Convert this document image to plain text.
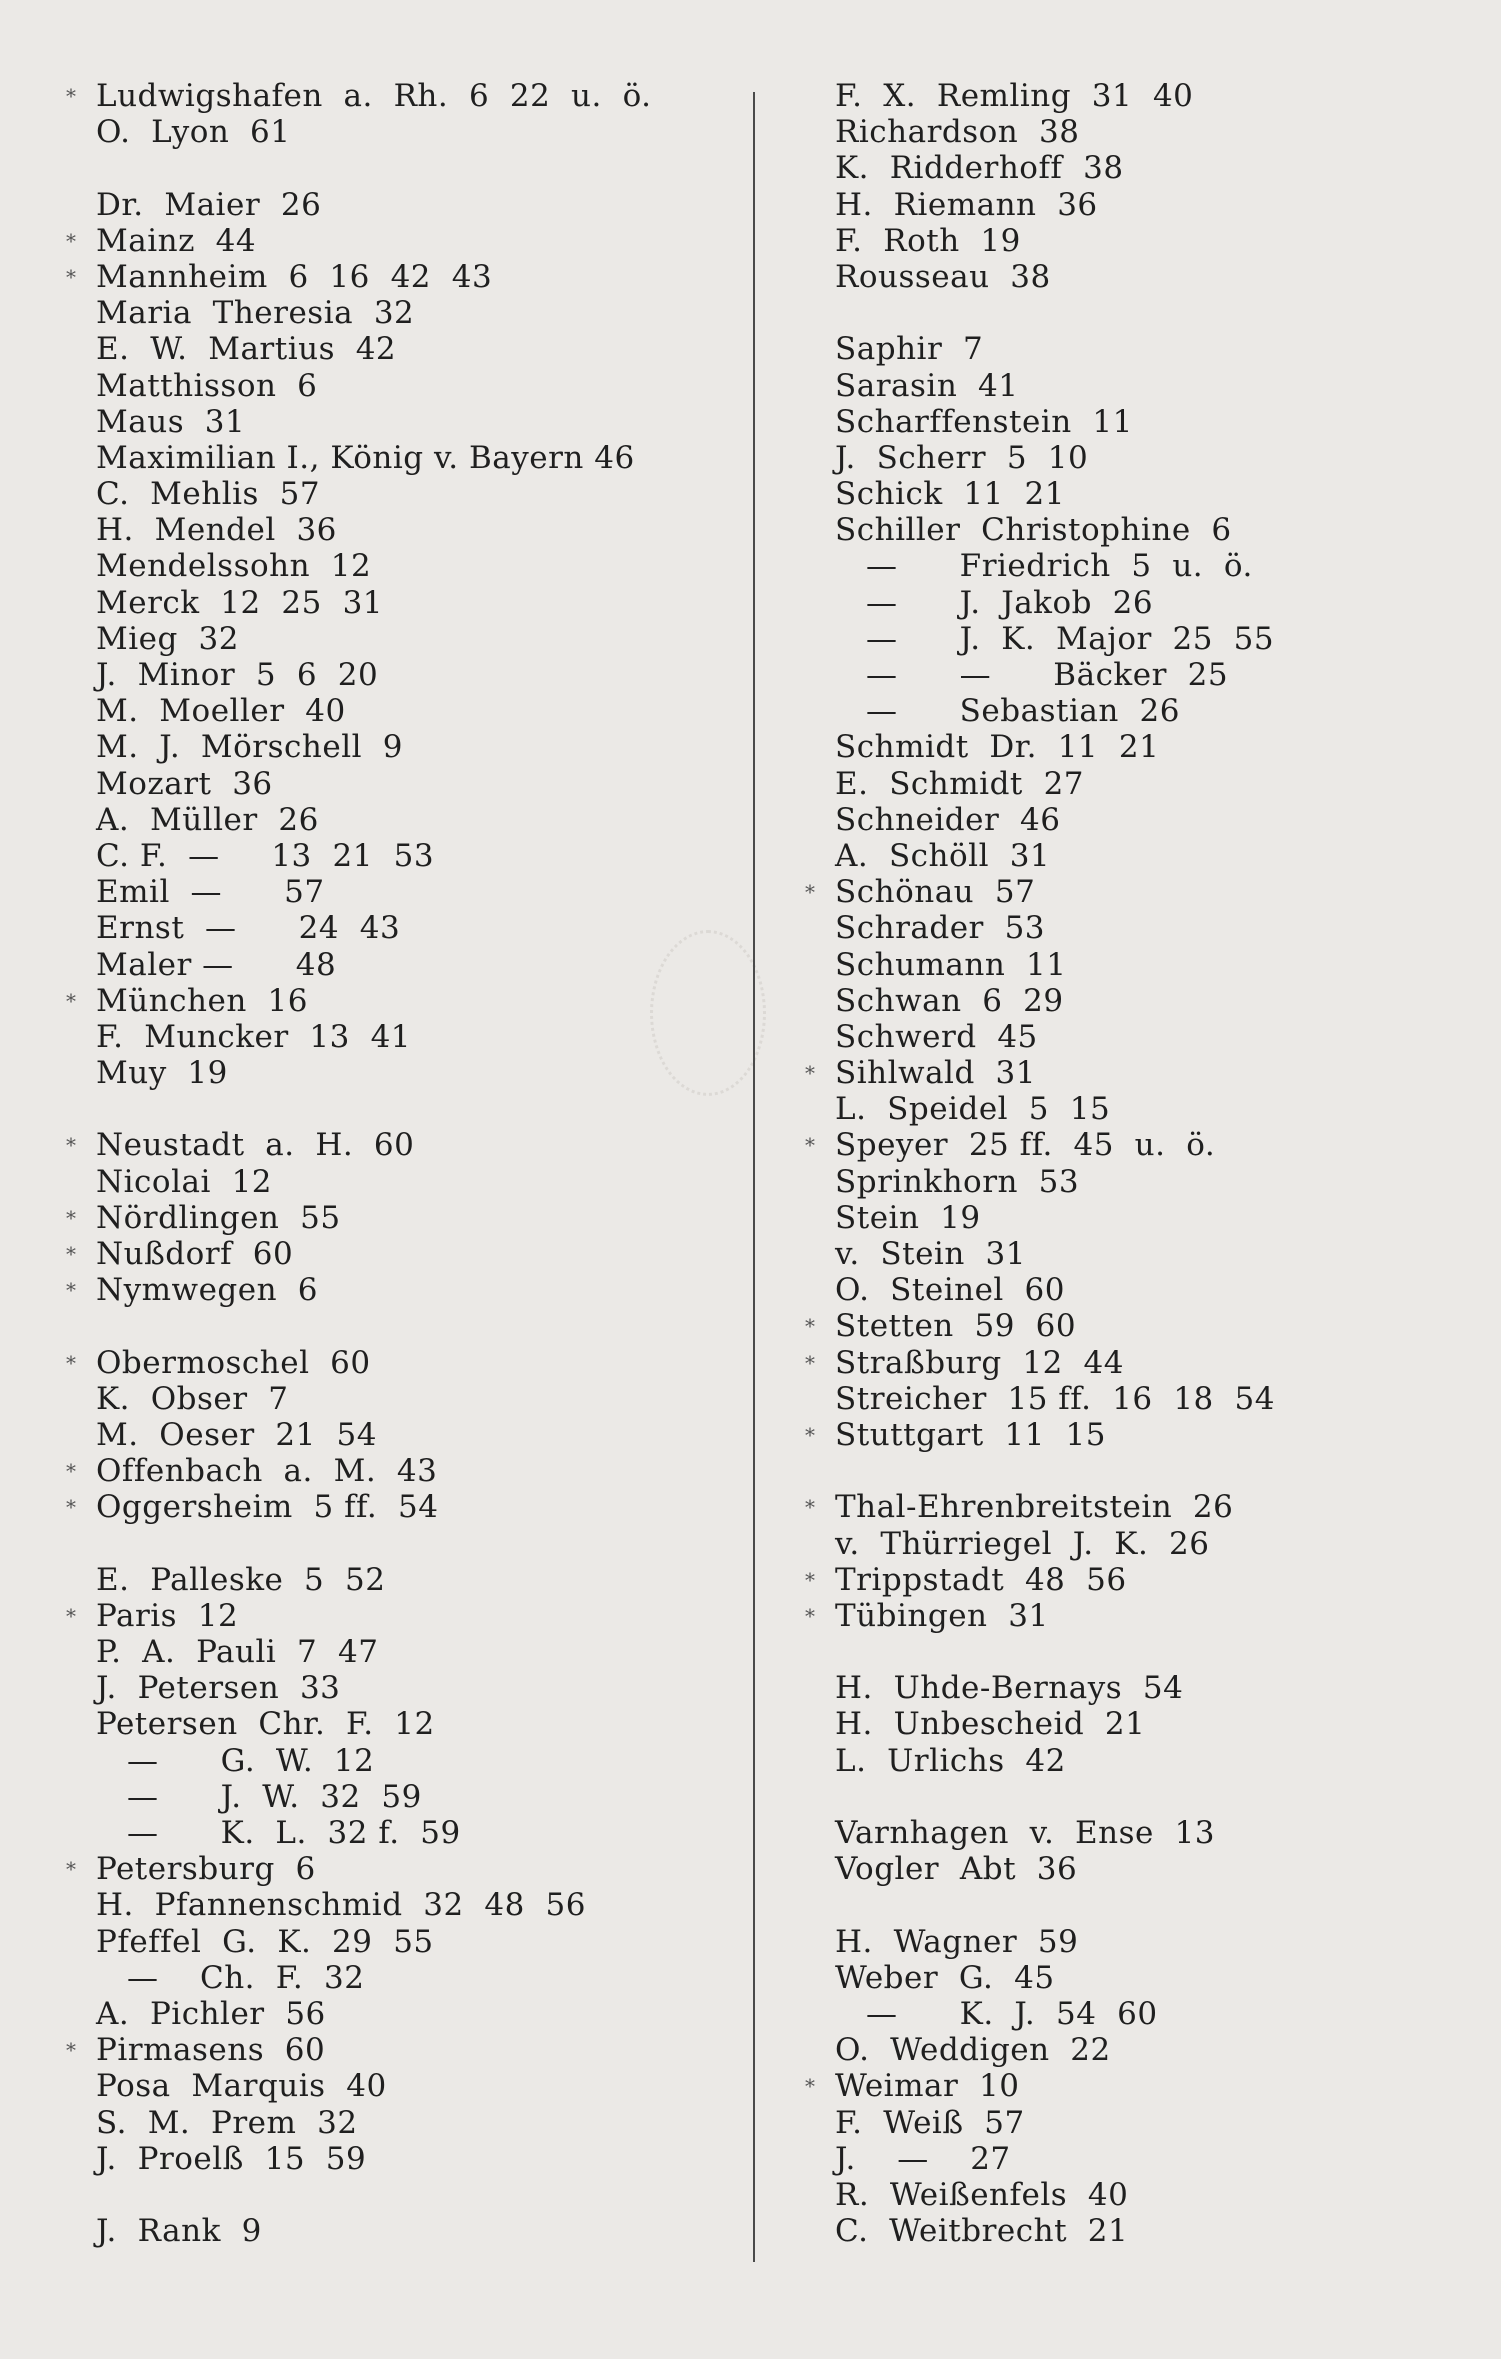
* Ludwigshafen  a.  Rh.  6  22  u.  ö.
O.  Lyon  61
Dr.  Maier  26
* Mainz  44
* Mannheim  6  16  42  43
Maria  Theresia  32
E.  W.  Martius  42
Matthisson  6
Maus  31
Maximilian I., König v. Bayern 46
C.  Mehlis  57
H.  Mendel  36
Mendelssohn  12
Merck  12  25  31
Mieg  32
J.  Minor  5  6  20
M.  Moeller  40
M.  J.  Mörschell  9
Mozart  36
A.  Müller  26
C. F.  —     13  21  53
Emil  —      57
Ernst  —      24  43
Maler —      48
* München  16
F.  Muncker  13  41
Muy  19
* Neustadt  a.  H.  60
Nicolai  12
* Nördlingen  55
* Nußdorf  60
* Nymwegen  6
* Obermoschel  60
K.  Obser  7
M.  Oeser  21  54
* Offenbach  a.  M.  43
* Oggersheim  5 ff.  54
E.  Palleske  5  52
* Paris  12
P.  A.  Pauli  7  47
J.  Petersen  33
Petersen  Chr.  F.  12
—      G.  W.  12
—      J.  W.  32  59
—      K.  L.  32 f.  59
* Petersburg  6
H.  Pfannenschmid  32  48  56
Pfeffel  G.  K.  29  55
—    Ch.  F.  32
A.  Pichler  56
* Pirmasens  60
Posa  Marquis  40
S.  M.  Prem  32
J.  Proelß  15  59
J.  Rank  9
F.  X.  Remling  31  40
Richardson  38
K.  Ridderhoff  38
H.  Riemann  36
F.  Roth  19
Rousseau  38
Saphir  7
Sarasin  41
Scharffenstein  11
J.  Scherr  5  10
Schick  11  21
Schiller  Christophine  6
—      Friedrich  5  u.  ö.
—      J.  Jakob  26
—      J.  K.  Major  25  55
—      —      Bäcker  25
—      Sebastian  26
Schmidt  Dr.  11  21
E.  Schmidt  27
Schneider  46
A.  Schöll  31
* Schönau  57
Schrader  53
Schumann  11
Schwan  6  29
Schwerd  45
* Sihlwald  31
L.  Speidel  5  15
* Speyer  25 ff.  45  u.  ö.
Sprinkhorn  53
Stein  19
v.  Stein  31
O.  Steinel  60
* Stetten  59  60
* Straßburg  12  44
Streicher  15 ff.  16  18  54
* Stuttgart  11  15
* Thal-Ehrenbreitstein  26
v.  Thürriegel  J.  K.  26
* Trippstadt  48  56
* Tübingen  31
H.  Uhde-Bernays  54
H.  Unbescheid  21
L.  Urlichs  42
Varnhagen  v.  Ense  13
Vogler  Abt  36
H.  Wagner  59
Weber  G.  45
—      K.  J.  54  60
O.  Weddigen  22
* Weimar  10
F.  Weiß  57
J.    —    27
R.  Weißenfels  40
C.  Weitbrecht  21
